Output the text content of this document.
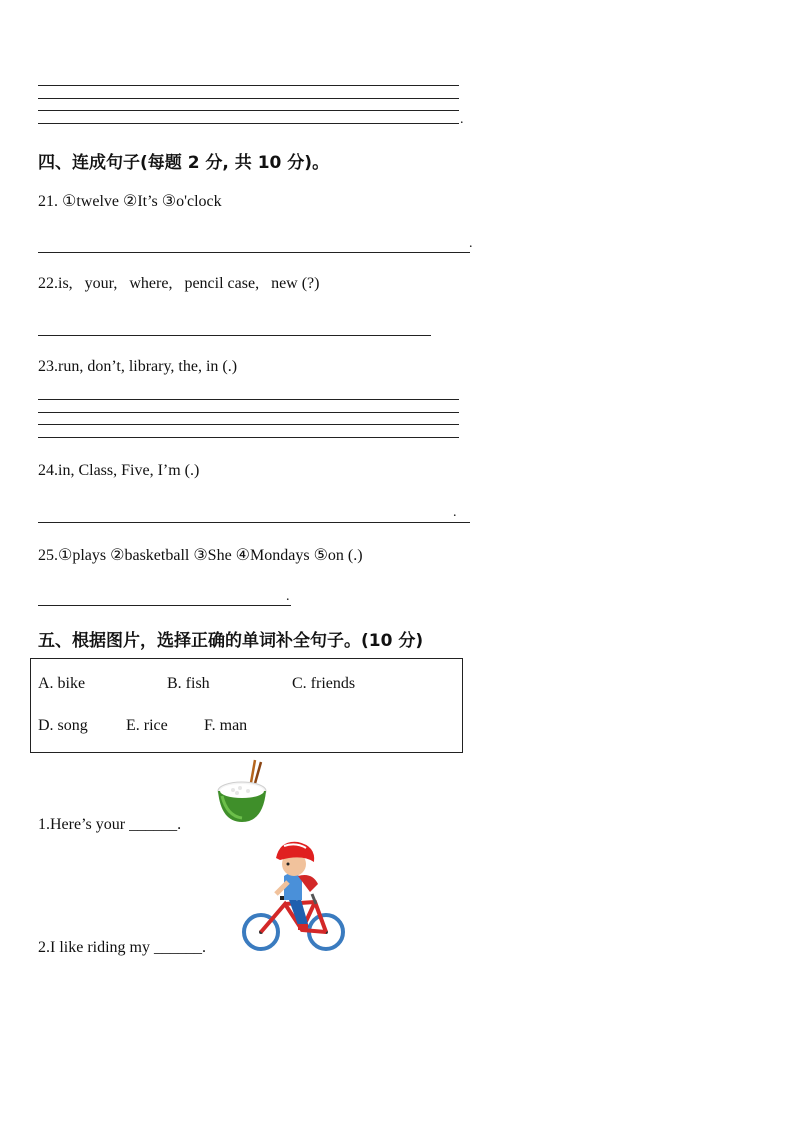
.
四、连成句子(每题 2 分, 共 10 分)。
21. ①twelve ②It’s ③o'clock
.
22.is,   your,   where,   pencil case,   new (?)
23.run, don’t, library, the, in (.)
24.in, Class, Five, I’m (.)
.
25.①plays ②basketball ③She ④Mondays ⑤on (.)
.
五、根据图片，选择正确的单词补全句子。(10 分)
A. bike	B. fish	C. friends
D. song E. rice F. man
1.Here’s your ______.
2.I like riding my ______.
